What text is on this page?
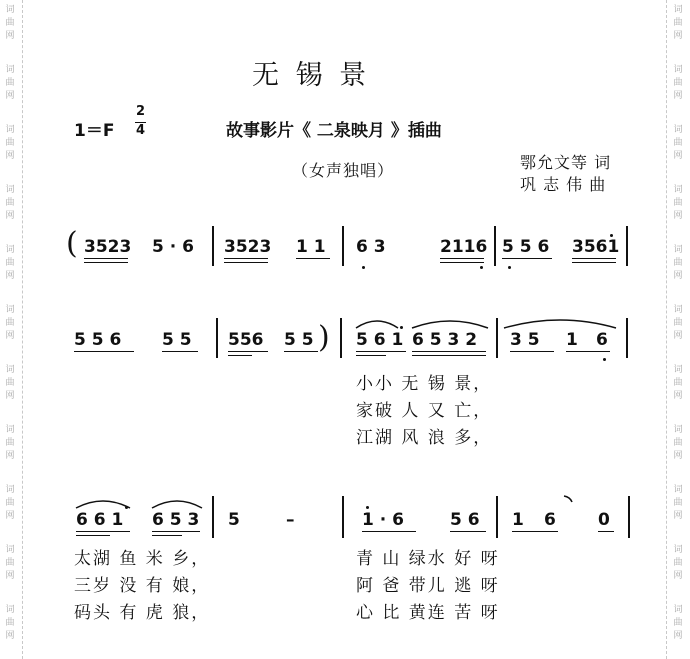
词
曲
网
词
曲
网
词
曲
网
词
曲
网
词
曲
网
词
曲
网
词
曲
网
词
曲
网
词
曲
网
词
曲
网
词
曲
网
词
曲
网
词
曲
网
词
曲
网
词
曲
网
词
曲
网
词
曲
网
词
曲
网
词
曲
网
词
曲
网
词
曲
网
词
曲
网
无 锡 景
1＝F
2
4	故事影片《 二泉映月 》插曲
（女声独唱）	鄂允文等 词
巩 志 伟 曲
( 3523 5 · 6 3523 1 1 6 3	2116 5 5 6 3561
5 5 6 5 5 556 5 5 ) 5 6 1 6 5 3 2 3 5 1 6
小小 无 锡 景，
家破 人 又 亡，
江湖 风 浪 多，
6 6 1 6 5 3 5	–	1 · 6	5 6 1 6 0
太湖 鱼 米 乡，
三岁 没 有 娘，
码头 有 虎 狼，
青 山 绿水 好 呀
阿 爸 带儿 逃 呀
心 比 黄连 苦 呀
